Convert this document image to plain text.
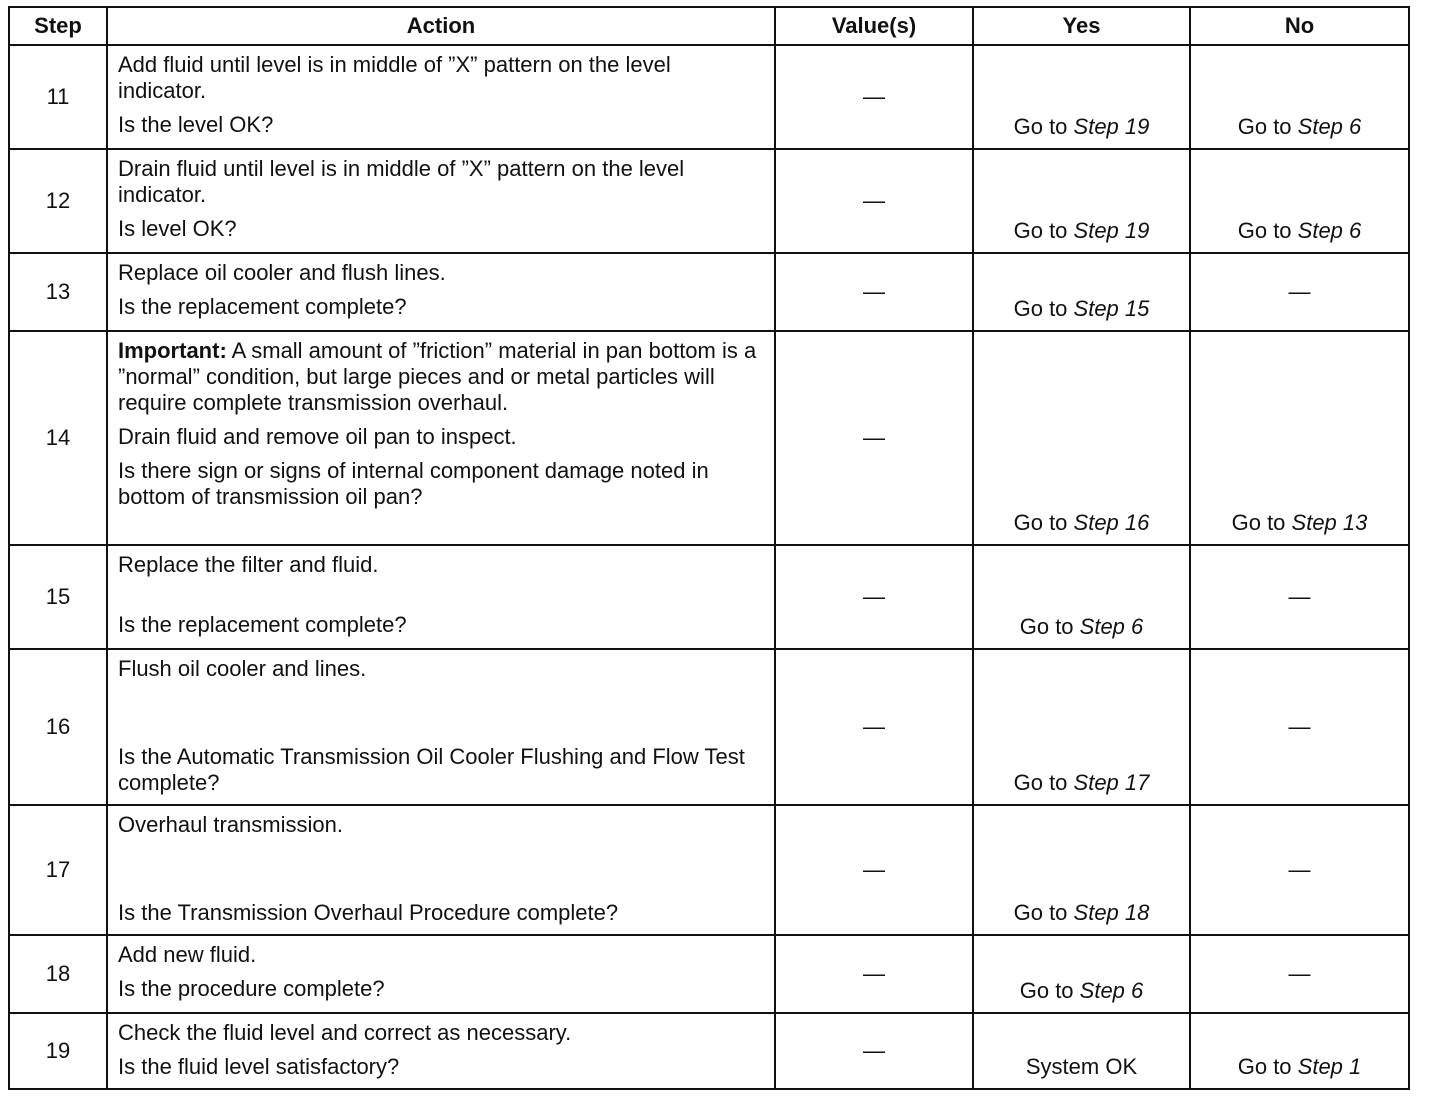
Step	Action	Value(s)	Yes	No
11	Add fluid until level is in middle of ”X” pattern on the level indicator.
Is the level OK?	—	Go to Step 19	Go to Step 6
12	Drain fluid until level is in middle of ”X” pattern on the level indicator.
Is level OK?	—	Go to Step 19	Go to Step 6
13	Replace oil cooler and flush lines.
Is the replacement complete?	—	Go to Step 15	—
14	Important: A small amount of ”friction” material in pan bottom is a ”normal” condition, but large pieces and or metal particles will require complete transmission overhaul.
Drain fluid and remove oil pan to inspect.
Is there sign or signs of internal component damage noted in bottom of transmission oil pan?	—	Go to Step 16	Go to Step 13
15	Replace the filter and fluid.
Is the replacement complete?	—	Go to Step 6	—
16	Flush oil cooler and lines.
Is the Automatic Transmission Oil Cooler Flushing and Flow Test complete?	—	Go to Step 17	—
17	Overhaul transmission.
Is the Transmission Overhaul Procedure complete?	—	Go to Step 18	—
18	Add new fluid.
Is the procedure complete?	—	Go to Step 6	—
19	Check the fluid level and correct as necessary.
Is the fluid level satisfactory?	—	System OK	Go to Step 1
